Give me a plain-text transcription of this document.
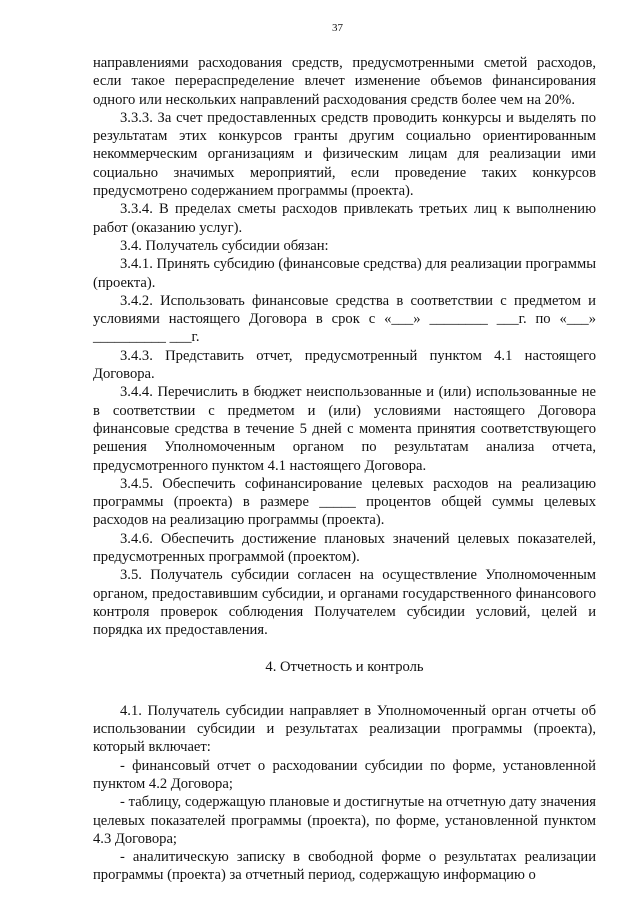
37

направлениями расходования средств, предусмотренными сметой расходов, если такое перераспределение влечет изменение объемов финансирования одного или нескольких направлений расходования средств более чем на 20%.

3.3.3. За счет предоставленных средств проводить конкурсы и выделять по результатам этих конкурсов гранты другим социально ориентированным некоммерческим организациям и физическим лицам для реализации ими социально значимых мероприятий, если проведение таких конкурсов предусмотрено содержанием программы (проекта).

3.3.4. В пределах сметы расходов привлекать третьих лиц к выполнению работ (оказанию услуг).

3.4. Получатель субсидии обязан:

3.4.1. Принять субсидию (финансовые средства) для реализации программы (проекта).

3.4.2. Использовать финансовые средства в соответствии с предметом и условиями настоящего Договора в срок с «___» ________ ___г. по «___» __________ ___г.

3.4.3. Представить отчет, предусмотренный пунктом 4.1 настоящего Договора.

3.4.4. Перечислить в бюджет неиспользованные и (или) использованные не в соответствии с предметом и (или) условиями настоящего Договора финансовые средства в течение 5 дней с момента принятия соответствующего решения Уполномоченным органом по результатам анализа отчета, предусмотренного пунктом 4.1 настоящего Договора.

3.4.5. Обеспечить софинансирование целевых расходов на реализацию программы (проекта) в размере _____ процентов общей суммы целевых расходов на реализацию программы (проекта).

3.4.6. Обеспечить достижение плановых значений целевых показателей, предусмотренных программой (проектом).

3.5. Получатель субсидии согласен на осуществление Уполномоченным органом, предоставившим субсидии, и органами государственного финансового контроля проверок соблюдения Получателем субсидии условий, целей и порядка их предоставления.

4. Отчетность и контроль

4.1. Получатель субсидии направляет в Уполномоченный орган отчеты об использовании субсидии и результатах реализации программы (проекта), который включает:

- финансовый отчет о расходовании субсидии по форме, установленной пунктом 4.2 Договора;

- таблицу, содержащую плановые и достигнутые на отчетную дату значения целевых показателей программы (проекта), по форме, установленной пунктом 4.3 Договора;

- аналитическую записку в свободной форме о результатах реализации программы (проекта) за отчетный период, содержащую информацию о
